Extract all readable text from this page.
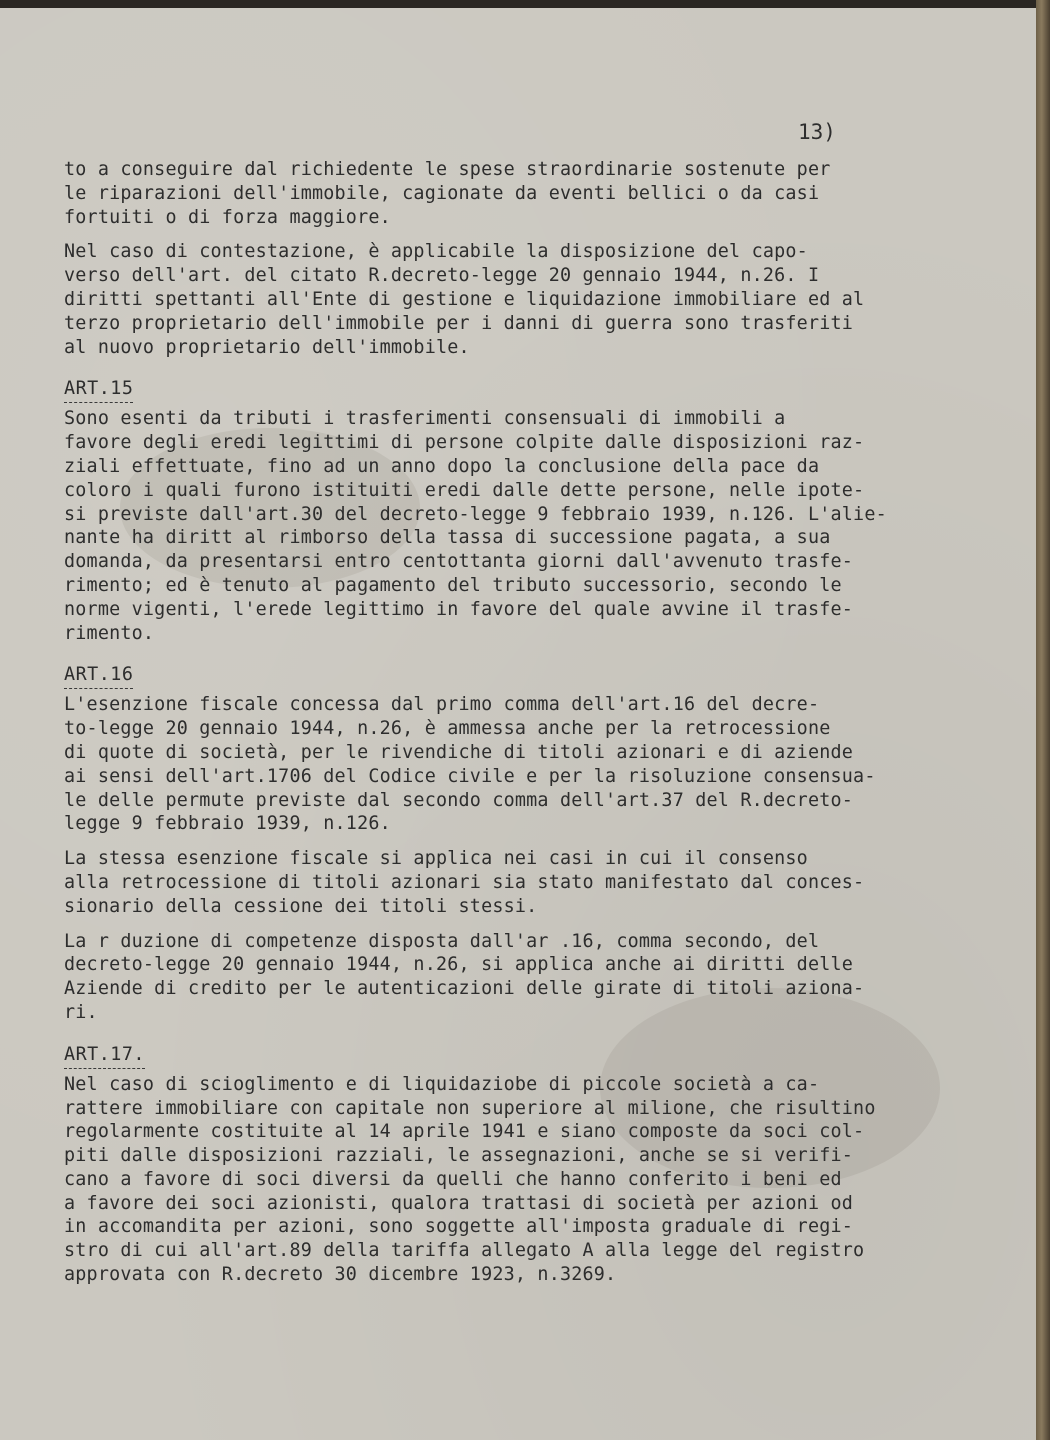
13)

to a conseguire dal richiedente le spese straordinarie sostenute per
le riparazioni dell'immobile, cagionate da eventi bellici o da casi
fortuiti o di forza maggiore.

Nel caso di contestazione, è applicabile la disposizione del capo-
verso dell'art. del citato R.decreto-legge 20 gennaio 1944, n.26. I
diritti spettanti all'Ente di gestione e liquidazione immobiliare ed al
terzo proprietario dell'immobile per i danni di guerra sono trasferiti
al nuovo proprietario dell'immobile.

ART.15

Sono esenti da tributi i trasferimenti consensuali di immobili a
favore degli eredi legittimi di persone colpite dalle disposizioni raz-
ziali effettuate, fino ad un anno dopo la conclusione della pace da
coloro i quali furono istituiti eredi dalle dette persone, nelle ipote-
si previste dall'art.30 del decreto-legge 9 febbraio 1939, n.126. L'alie-
nante ha diritt al rimborso della tassa di successione pagata, a sua
domanda, da presentarsi entro centottanta giorni dall'avvenuto trasfe-
rimento; ed è tenuto al pagamento del tributo successorio, secondo le
norme vigenti, l'erede legittimo in favore del quale avvine il trasfe-
rimento.

ART.16

L'esenzione fiscale concessa dal primo comma dell'art.16 del decre-
to-legge 20 gennaio 1944, n.26, è ammessa anche per la retrocessione
di quote di società, per le rivendiche di titoli azionari e di aziende
ai sensi dell'art.1706 del Codice civile e per la risoluzione consensua-
le delle permute previste dal secondo comma dell'art.37 del R.decreto-
legge 9 febbraio 1939, n.126.

La stessa esenzione fiscale si applica nei casi in cui il consenso
alla retrocessione di titoli azionari sia stato manifestato dal conces-
sionario della cessione dei titoli stessi.

La r duzione di competenze disposta dall'ar .16, comma secondo, del
decreto-legge 20 gennaio 1944, n.26, si applica anche ai diritti delle
Aziende di credito per le autenticazioni delle girate di titoli aziona-
ri.

ART.17.

Nel caso di scioglimento e di liquidaziobe di piccole società a ca-
rattere immobiliare con capitale non superiore al milione, che risultino
regolarmente costituite al 14 aprile 1941 e siano composte da soci col-
piti dalle disposizioni razziali, le assegnazioni, anche se si verifi-
cano a favore di soci diversi da quelli che hanno conferito i beni ed
a favore dei soci azionisti, qualora trattasi di società per azioni od
in accomandita per azioni, sono soggette all'imposta graduale di regi-
stro di cui all'art.89 della tariffa allegato A alla legge del registro
approvata con R.decreto 30 dicembre 1923, n.3269.
